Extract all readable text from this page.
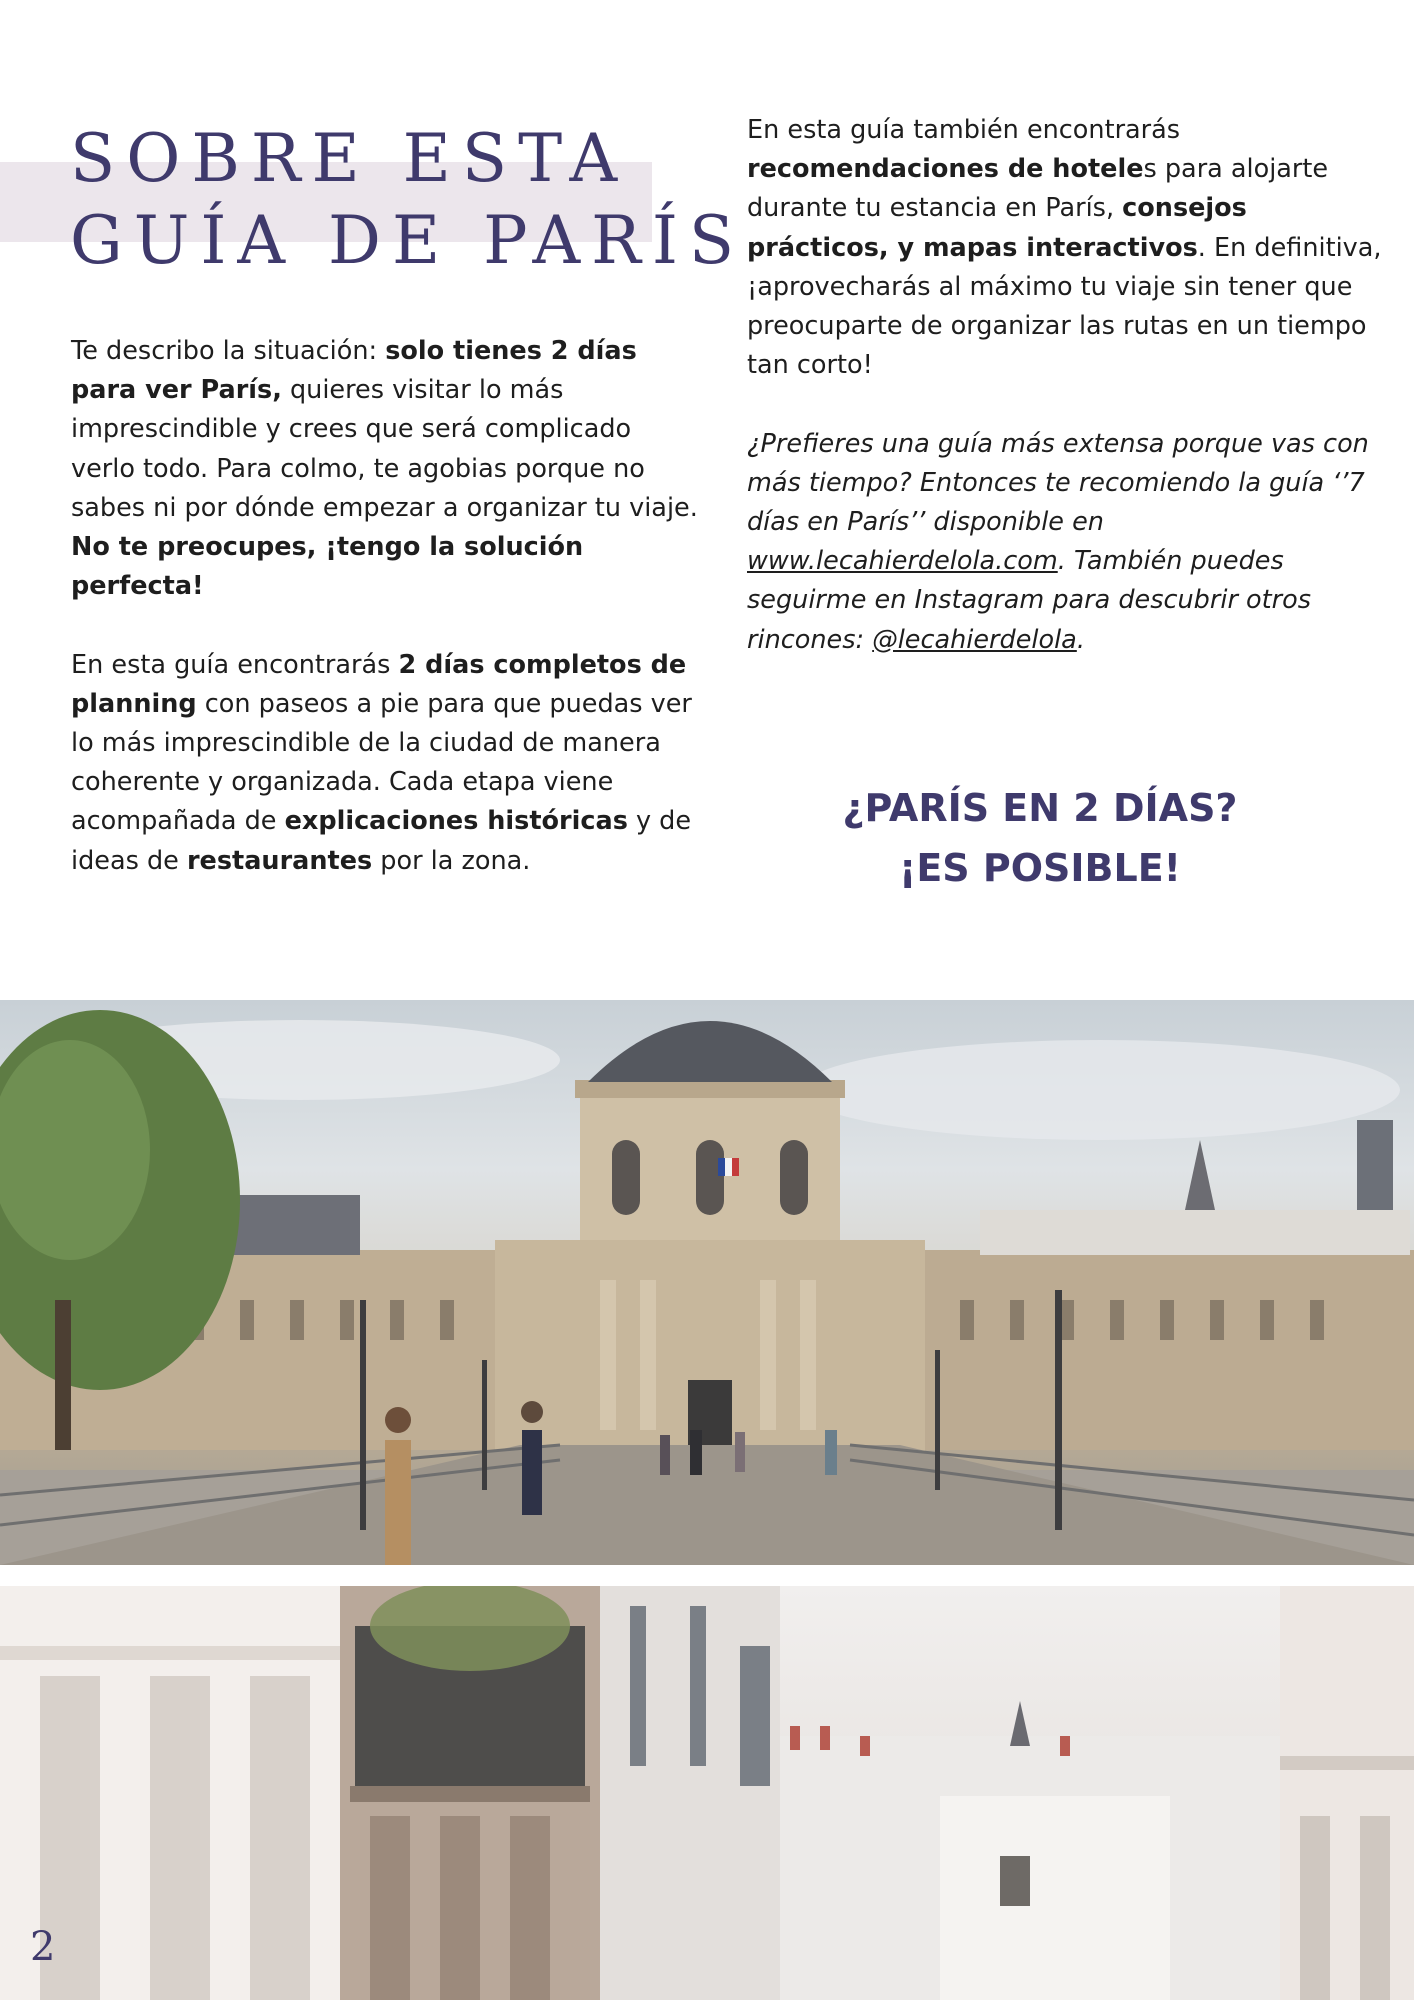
SOBRE ESTA
GUÍA DE PARÍS

Te describo la situación: solo tienes 2 días para ver París, quieres visitar lo más imprescindible y crees que será complicado verlo todo. Para colmo, te agobias porque no sabes ni por dónde empezar a organizar tu viaje. No te preocupes, ¡tengo la solución perfecta!

En esta guía encontrarás 2 días completos de planning con paseos a pie para que puedas ver lo más imprescindible de la ciudad de manera coherente y organizada. Cada etapa viene acompañada de explicaciones históricas y de ideas de restaurantes por la zona.

En esta guía también encontrarás recomendaciones de hoteles para alojarte durante tu estancia en París, consejos prácticos, y mapas interactivos. En definitiva, ¡aprovecharás al máximo tu viaje sin tener que preocuparte de organizar las rutas en un tiempo tan corto!

¿Prefieres una guía más extensa porque vas con más tiempo? Entonces te recomiendo la guía ‘’7 días en París’’ disponible en www.lecahierdelola.com. También puedes seguirme en Instagram para descubrir otros rincones: @lecahierdelola.

¿PARÍS EN 2 DÍAS?
¡ES POSIBLE!
2
